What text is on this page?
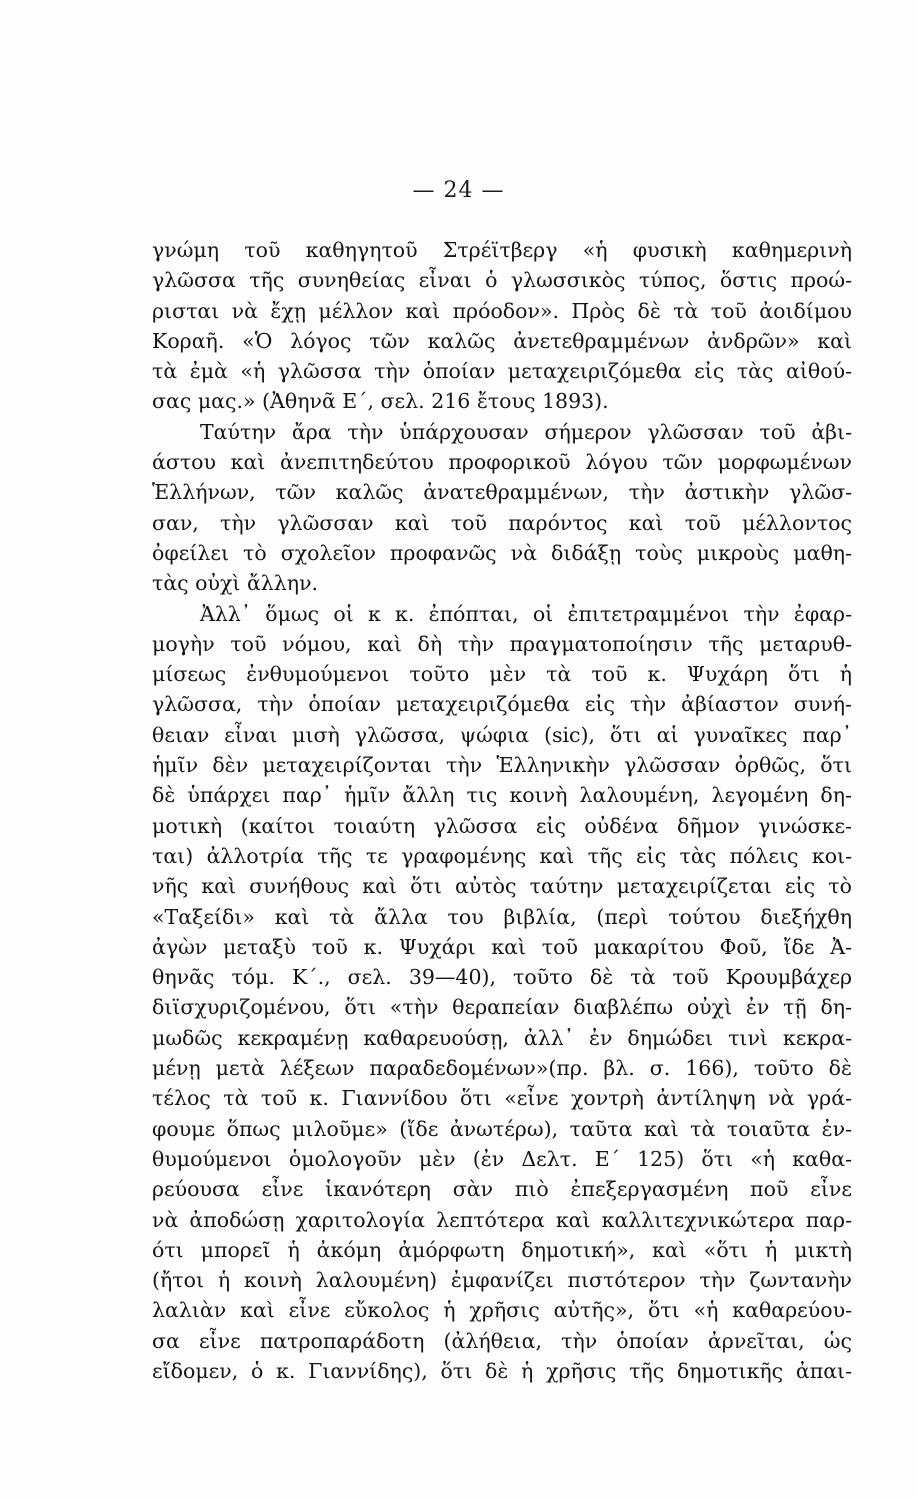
— 24 —
γνώμη τοῦ καθηγητοῦ Στρέϊτβεργ «ἡ φυσικὴ καθημερινὴ
γλῶσσα τῆς συνηθείας εἶναι ὁ γλωσσικὸς τύπος, ὅστις προώ-
ρισται νὰ ἔχῃ μέλλον καὶ πρόοδον». Πρὸς δὲ τὰ τοῦ ἀοιδίμου
Κοραῆ. «Ὁ λόγος τῶν καλῶς ἀνετεθραμμένων ἀνδρῶν» καὶ
τὰ ἐμὰ «ἡ γλῶσσα τὴν ὁποίαν μεταχειριζόμεθα εἰς τὰς αἰθού-
σας μας.» (Ἀθηνᾶ Ε΄, σελ. 216 ἔτους 1893).
Ταύτην ἄρα τὴν ὑπάρχουσαν σήμερον γλῶσσαν τοῦ ἀβι-
άστου καὶ ἀνεπιτηδεύτου προφορικοῦ λόγου τῶν μορφωμένων
Ἑλλήνων, τῶν καλῶς ἀνατεθραμμένων, τὴν ἀστικὴν γλῶσ-
σαν, τὴν γλῶσσαν καὶ τοῦ παρόντος καὶ τοῦ μέλλοντος
ὀφείλει τὸ σχολεῖον προφανῶς νὰ διδάξῃ τοὺς μικροὺς μαθη-
τὰς οὐχὶ ἄλλην.
Ἀλλ᾽ ὅμως οἱ κ κ. ἐπόπται, οἱ ἐπιτετραμμένοι τὴν ἐφαρ-
μογὴν τοῦ νόμου, καὶ δὴ τὴν πραγματοποίησιν τῆς μεταρυθ-
μίσεως ἐνθυμούμενοι τοῦτο μὲν τὰ τοῦ κ. Ψυχάρη ὅτι ἡ
γλῶσσα, τὴν ὁποίαν μεταχειριζόμεθα εἰς τὴν ἀβίαστον συνή-
θειαν εἶναι μισὴ γλῶσσα, ψώφια (sic), ὅτι αἱ γυναῖκες παρ᾽
ἡμῖν δὲν μεταχειρίζονται τὴν Ἑλληνικὴν γλῶσσαν ὀρθῶς, ὅτι
δὲ ὑπάρχει παρ᾽ ἡμῖν ἄλλη τις κοινὴ λαλουμένη, λεγομένη δη-
μοτικὴ (καίτοι τοιαύτη γλῶσσα εἰς οὐδένα δῆμον γινώσκε-
ται) ἀλλοτρία τῆς τε γραφομένης καὶ τῆς εἰς τὰς πόλεις κοι-
νῆς καὶ συνήθους καὶ ὅτι αὐτὸς ταύτην μεταχειρίζεται εἰς τὸ
«Ταξείδι» καὶ τὰ ἄλλα του βιβλία, (περὶ τούτου διεξήχθη
ἀγὼν μεταξὺ τοῦ κ. Ψυχάρι καὶ τοῦ μακαρίτου Φοῦ, ἴδε Ἀ-
θηνᾶς τόμ. Κ΄., σελ. 39—40), τοῦτο δὲ τὰ τοῦ Κρουμβάχερ
διϊσχυριζομένου, ὅτι «τὴν θεραπείαν διαβλέπω οὐχὶ ἐν τῇ δη-
μωδῶς κεκραμένῃ καθαρευούσῃ, ἀλλ᾽ ἐν δημώδει τινὶ κεκρα-
μένῃ μετὰ λέξεων παραδεδομένων»(πρ. βλ. σ. 166), τοῦτο δὲ
τέλος τὰ τοῦ κ. Γιαννίδου ὅτι «εἶνε χοντρὴ ἀντίληψη νὰ γρά-
φουμε ὅπως μιλοῦμε» (ἴδε ἀνωτέρω), ταῦτα καὶ τὰ τοιαῦτα ἐν-
θυμούμενοι ὁμολογοῦν μὲν (ἐν Δελτ. Ε΄ 125) ὅτι «ἡ καθα-
ρεύουσα εἶνε ἱκανότερη σὰν πιὸ ἐπεξεργασμένη ποῦ εἶνε
νὰ ἀποδώσῃ χαριτολογία λεπτότερα καὶ καλλιτεχνικώτερα παρ-
ότι μπορεῖ ἡ ἀκόμη ἀμόρφωτη δημοτική», καὶ «ὅτι ἡ μικτὴ
(ἤτοι ἡ κοινὴ λαλουμένη) ἐμφανίζει πιστότερον τὴν ζωντανὴν
λαλιὰν καὶ εἶνε εὔκολος ἡ χρῆσις αὐτῆς», ὅτι «ἡ καθαρεύου-
σα εἶνε πατροπαράδοτη (ἀλήθεια, τὴν ὁποίαν ἀρνεῖται, ὡς
εἴδομεν, ὁ κ. Γιαννίδης), ὅτι δὲ ἡ χρῆσις τῆς δημοτικῆς ἀπαι-
